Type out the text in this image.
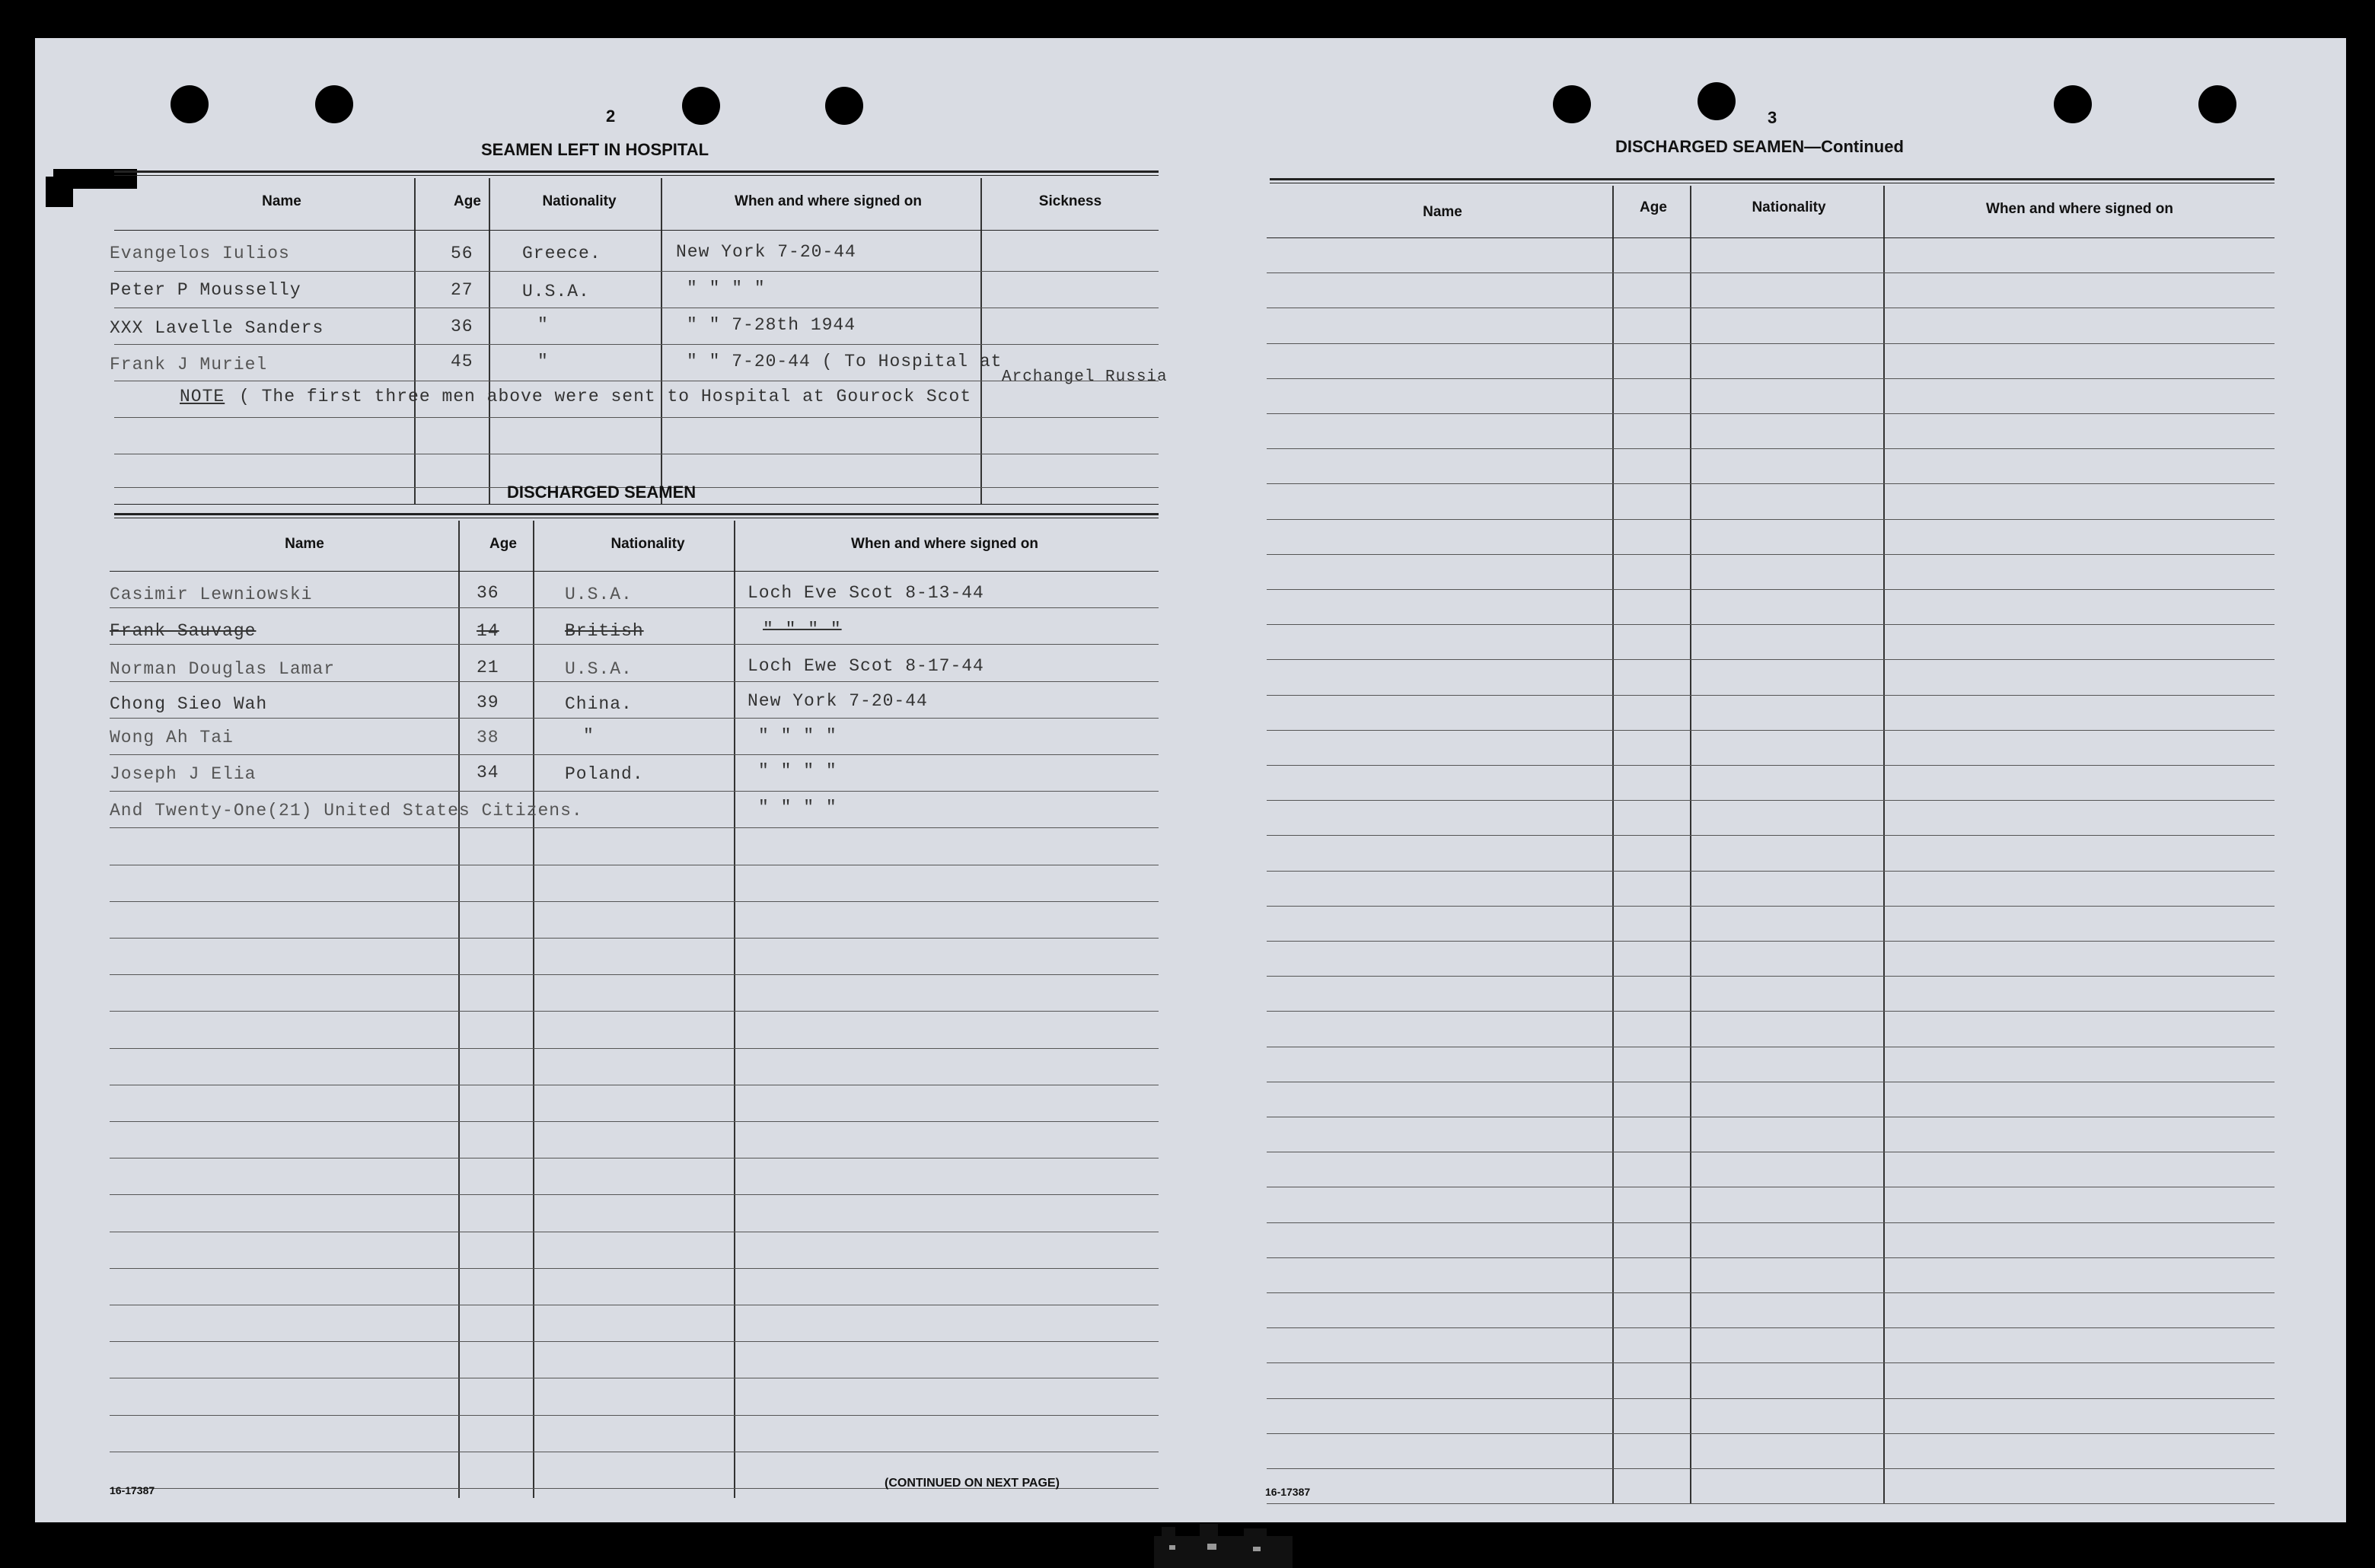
2
SEAMEN LEFT IN HOSPITAL
Name	Age	Nationality	When and where signed on	Sickness
Evangelos Iulios	56	Greece.	New York 7-20-44
Peter P Mousselly	27	U.S.A.	" " " "
XXX Lavelle Sanders	36	"	" " 7-28th 1944
Frank J Muriel	45	"	" " 7-20-44 ( To Hospital at
Archangel Russia
NOTE ( The first three men above were sent to Hospital at Gourock Scot
DISCHARGED SEAMEN
Name	Age	Nationality	When and where signed on
Casimir Lewniowski	36	U.S.A.	Loch Eve Scot 8-13-44
Frank Sauvage	14	British	" " " "
Norman Douglas Lamar	21	U.S.A.	Loch Ewe Scot 8-17-44
Chong Sieo Wah	39	China.	New York 7-20-44
Wong Ah Tai	38	"	" " " "
Joseph J Elia	34	Poland.	" " " "
And Twenty-One(21) United States Citizens.	" " " "
16-17387
(CONTINUED ON NEXT PAGE)
3
DISCHARGED SEAMEN—Continued
Name	Age	Nationality	When and where signed on
16-17387
